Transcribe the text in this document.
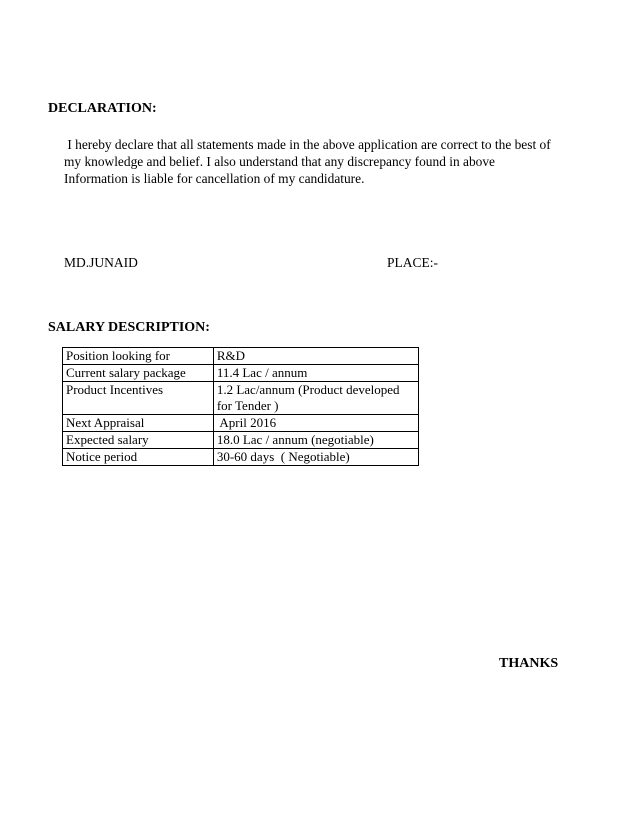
DECLARATION:
I hereby declare that all statements made in the above application are correct to the best of
my knowledge and belief. I also understand that any discrepancy found in above
Information is liable for cancellation of my candidature.
MD.JUNAID	PLACE:-
SALARY DESCRIPTION:
Position looking for	R&D
Current salary package	11.4 Lac / annum
Product Incentives	1.2 Lac/annum (Product developed for Tender )
Next Appraisal	April 2016
Expected salary	18.0 Lac / annum (negotiable)
Notice period	30-60 days  ( Negotiable)
THANKS
